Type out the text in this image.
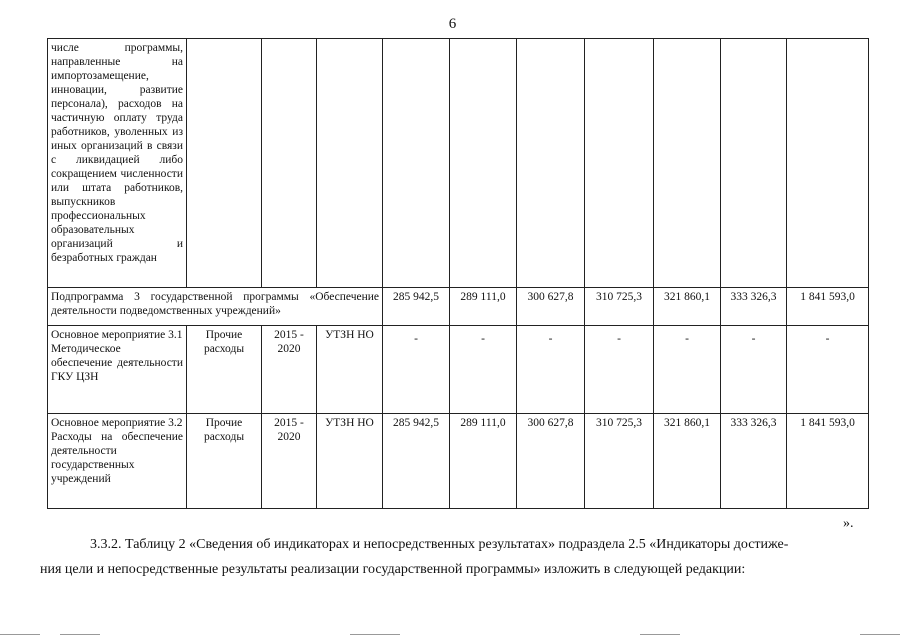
6
числе программы, направленные на импортозамещение, инновации, развитие персонала), расходов на частичную оплату труда работников, уволенных из иных организаций в связи с ликвидацией либо сокращением численности или штата работников, выпускников профессиональных образовательных организаций и безработных граждан										
Подпрограмма 3 государственной программы «Обеспечение деятельности подведомственных учреждений»				285 942,5	289 111,0	300 627,8	310 725,3	321 860,1	333 326,3	1 841 593,0

Основное мероприятие 3.1
Методическое обеспечение деятельности ГКУ ЦЗН	Прочие расходы	2015 - 2020	УТЗН НО	-	-	-	-	-	-	-

Основное мероприятие 3.2
Расходы на обеспечение деятельности государственных учреждений	Прочие расходы	2015 - 2020	УТЗН НО	285 942,5	289 111,0	300 627,8	310 725,3	321 860,1	333 326,3	1 841 593,0
».
3.3.2. Таблицу 2 «Сведения об индикаторах и непосредственных результатах» подраздела 2.5 «Индикаторы достиже-
ния цели и непосредственные результаты реализации государственной программы» изложить в следующей редакции:
